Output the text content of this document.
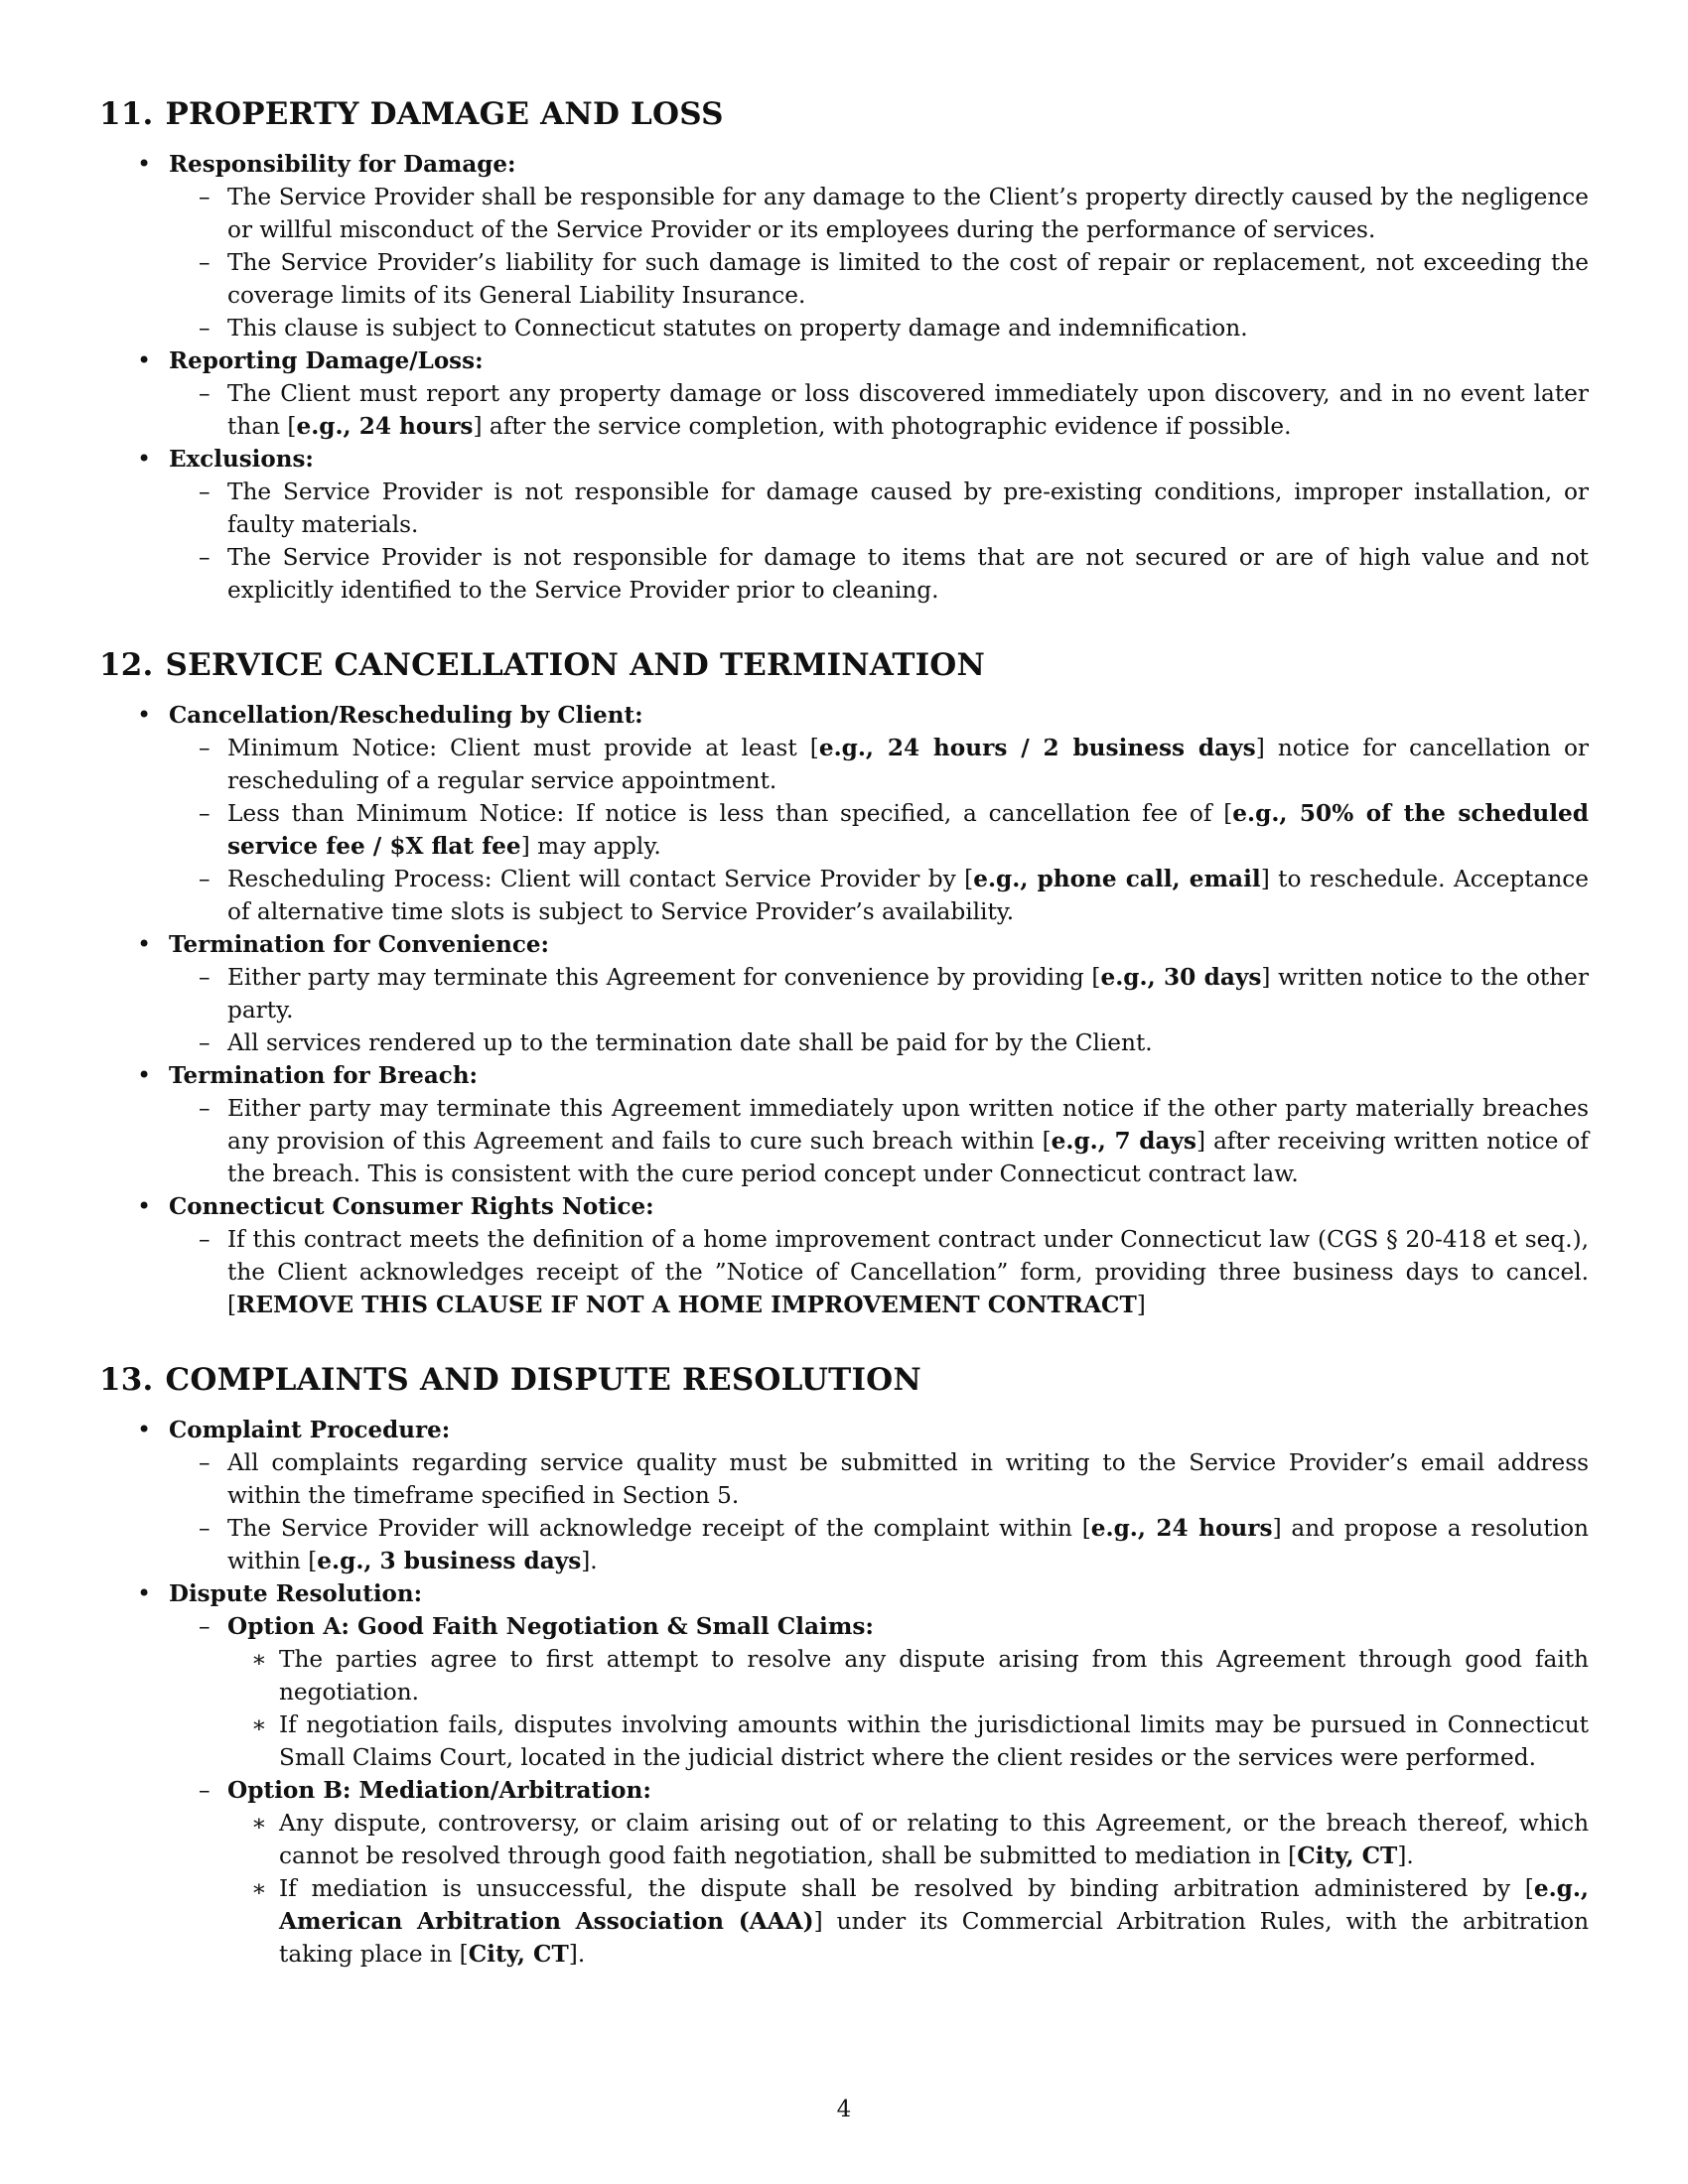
11. PROPERTY DAMAGE AND LOSS
• Responsibility for Damage:
– The Service Provider shall be responsible for any damage to the Client’s property directly caused by the negligence or willful misconduct of the Service Provider or its employees during the performance of services.
– The Service Provider’s liability for such damage is limited to the cost of repair or replacement, not exceeding the coverage limits of its General Liability Insurance.
– This clause is subject to Connecticut statutes on property damage and indemnification.
• Reporting Damage/Loss:
– The Client must report any property damage or loss discovered immediately upon discovery, and in no event later than [e.g., 24 hours] after the service completion, with photographic evidence if possible.
• Exclusions:
– The Service Provider is not responsible for damage caused by pre-existing conditions, improper installation, or faulty materials.
– The Service Provider is not responsible for damage to items that are not secured or are of high value and not explicitly identified to the Service Provider prior to cleaning.
12. SERVICE CANCELLATION AND TERMINATION
• Cancellation/Rescheduling by Client:
– Minimum Notice: Client must provide at least [e.g., 24 hours / 2 business days] notice for cancellation or rescheduling of a regular service appointment.
– Less than Minimum Notice: If notice is less than specified, a cancellation fee of [e.g., 50% of the scheduled service fee / $X flat fee] may apply.
– Rescheduling Process: Client will contact Service Provider by [e.g., phone call, email] to reschedule. Acceptance of alternative time slots is subject to Service Provider’s availability.
• Termination for Convenience:
– Either party may terminate this Agreement for convenience by providing [e.g., 30 days] written notice to the other party.
– All services rendered up to the termination date shall be paid for by the Client.
• Termination for Breach:
– Either party may terminate this Agreement immediately upon written notice if the other party materially breaches any provision of this Agreement and fails to cure such breach within [e.g., 7 days] after receiving written notice of the breach. This is consistent with the cure period concept under Connecticut contract law.
• Connecticut Consumer Rights Notice:
– If this contract meets the definition of a home improvement contract under Connecticut law (CGS § 20-418 et seq.), the Client acknowledges receipt of the ”Notice of Cancellation” form, providing three business days to cancel. [REMOVE THIS CLAUSE IF NOT A HOME IMPROVEMENT CONTRACT]
13. COMPLAINTS AND DISPUTE RESOLUTION
• Complaint Procedure:
– All complaints regarding service quality must be submitted in writing to the Service Provider’s email address within the timeframe specified in Section 5.
– The Service Provider will acknowledge receipt of the complaint within [e.g., 24 hours] and propose a resolution within [e.g., 3 business days].
• Dispute Resolution:
– Option A: Good Faith Negotiation & Small Claims:
∗ The parties agree to first attempt to resolve any dispute arising from this Agreement through good faith negotiation.
∗ If negotiation fails, disputes involving amounts within the jurisdictional limits may be pursued in Connecticut Small Claims Court, located in the judicial district where the client resides or the services were performed.
– Option B: Mediation/Arbitration:
∗ Any dispute, controversy, or claim arising out of or relating to this Agreement, or the breach thereof, which cannot be resolved through good faith negotiation, shall be submitted to mediation in [City, CT].
∗ If mediation is unsuccessful, the dispute shall be resolved by binding arbitration administered by [e.g., American Arbitration Association (AAA)] under its Commercial Arbitration Rules, with the arbitration taking place in [City, CT].
4
